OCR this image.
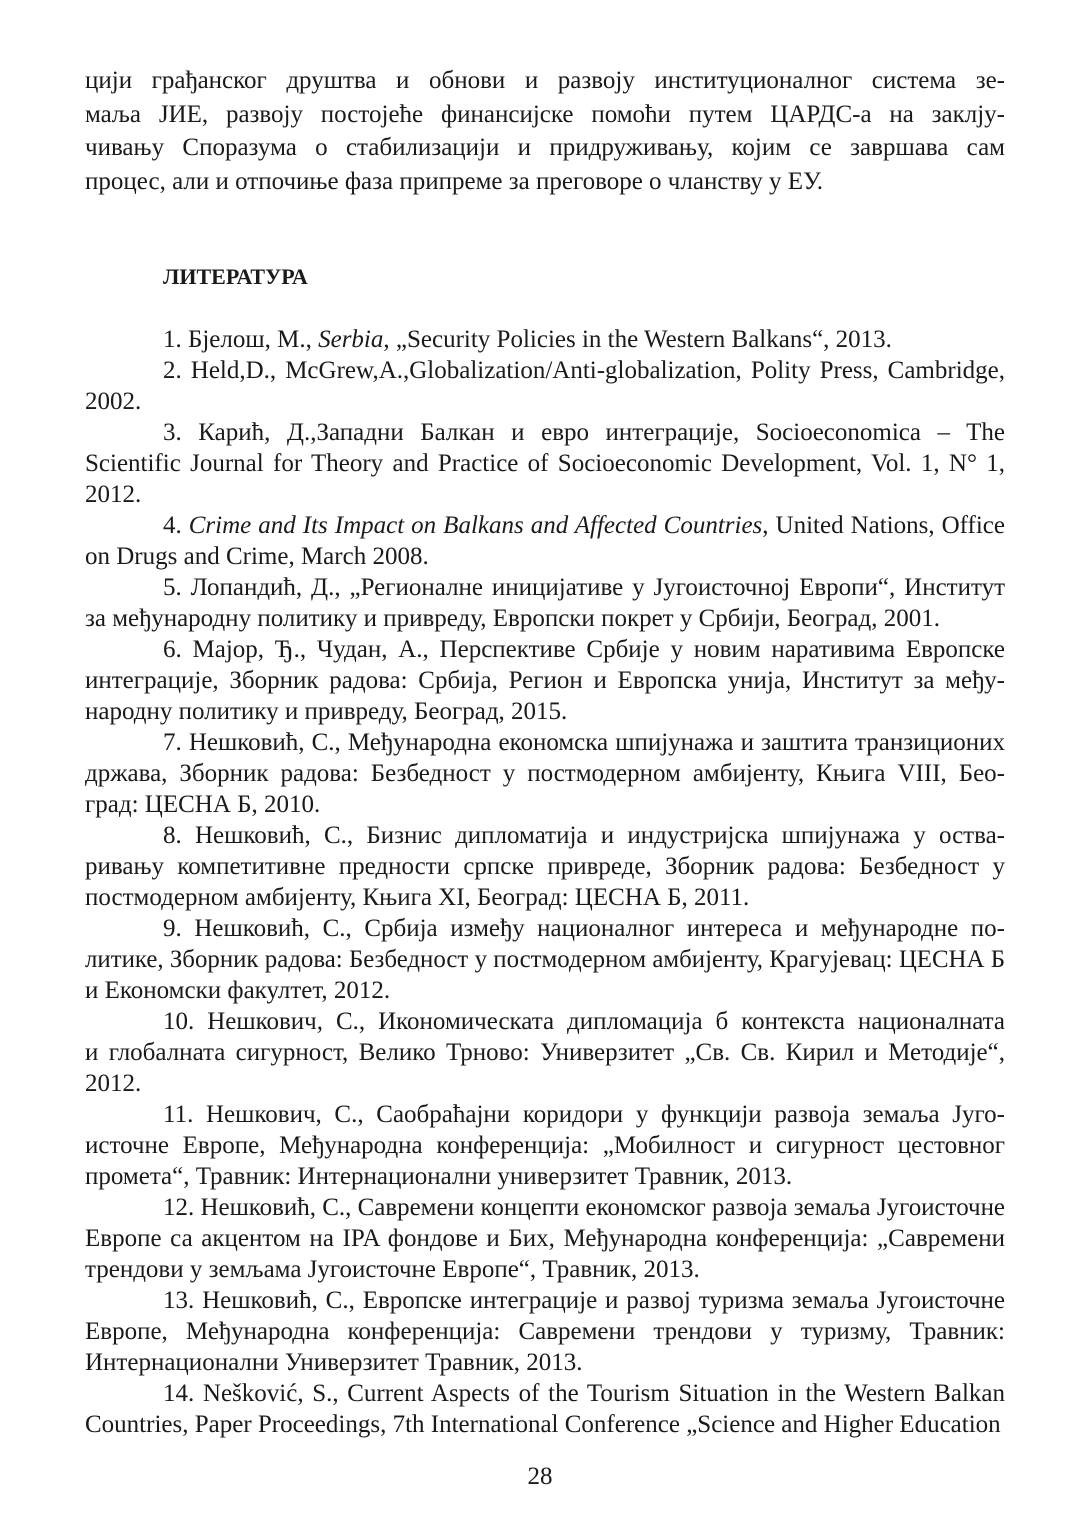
циjи грађанског друштва и обнови и развоју институционалног система зе-
маља ЈИЕ, развоју постојеће финансијске помоћи путем ЦАРДС-а на заклју-
чивању Споразума о стабилизацији и придруживању, којим се завршава сам
процес, али и отпочиње фаза припреме за преговоре о чланству у ЕУ.
ЛИТЕРАТУРА
1. Бјелош, М., Serbia, „Security Policies in the Western Balkans“, 2013.
2. Held,D., McGrew,A.,Globalization/Anti-globalization, Polity Press, Cambridge,
2002.
3. Карић, Д.,Западни Балкан и евро интеграције, Socioeconomica – The
Scientific Journal for Theory and Practice of Socioeconomic Development, Vol. 1, N° 1,
2012.
4. Crime and Its Impact on Balkans and Affected Countries, United Nations, Office
on Drugs and Crime, March 2008.
5. Лопандић, Д., „Регионалне иницијативе у Југоисточној Европи“, Институт
за међународну политику и привреду, Европски покрет у Србији, Београд, 2001.
6. Мајор, Ђ., Чудан, А., Перспективе Србије у новим наративима Европске
интеграције, Зборник радова: Србија, Регион и Европска унија, Институт за међу-
народну политику и привреду, Београд, 2015.
7. Нешковић, С., Међународна економска шпијунажа и заштита транзиционих
држава, Зборник радова: Безбедност у постмодерном амбијенту, Књига VIII, Бео-
град: ЦЕСНА Б, 2010.
8. Нешковић, С., Бизнис дипломатија и индустријска шпијунажа у оства-
ривању компетитивне предности српске привреде, Зборник радова: Безбедност у
постмодерном амбијенту, Књига XI, Београд: ЦЕСНА Б, 2011.
9. Нешковић, С., Србија између националног интереса и међународне по-
литике, Зборник радова: Безбедност у постмодерном амбијенту, Крагујевац: ЦЕСНА Б
и Економски факултет, 2012.
10. Нешкович, С., Икономическата дипломација б контекста националната
и глобалната сигурност, Велико Трново: Универзитет „Св. Св. Кирил и Методије“,
2012.
11. Нешкович, С., Саобраћајни коридори у функцији развоја земаља Југо-
источне Европе, Међународна конференција: „Мобилност и сигурност цестовног
промета“, Травник: Интернационални универзитет Травник, 2013.
12. Нешковић, С., Савремени концепти економског развоја земаља Југоисточне
Европе са акцентом на IPA фондове и Бих, Међународна конференција: „Савремени
трендови у земљама Југоисточне Европе“, Травник, 2013.
13. Нешковић, С., Европске интеграције и развој туризма земаља Југоисточне
Европе, Међународна конференција: Савремени трендови у туризму, Травник:
Интернационални Универзитет Травник, 2013.
14. Nešković, S., Current Aspects of the Tourism Situation in the Western Balkan
Countries, Paper Proceedings, 7th International Conference „Science and Higher Education
28
